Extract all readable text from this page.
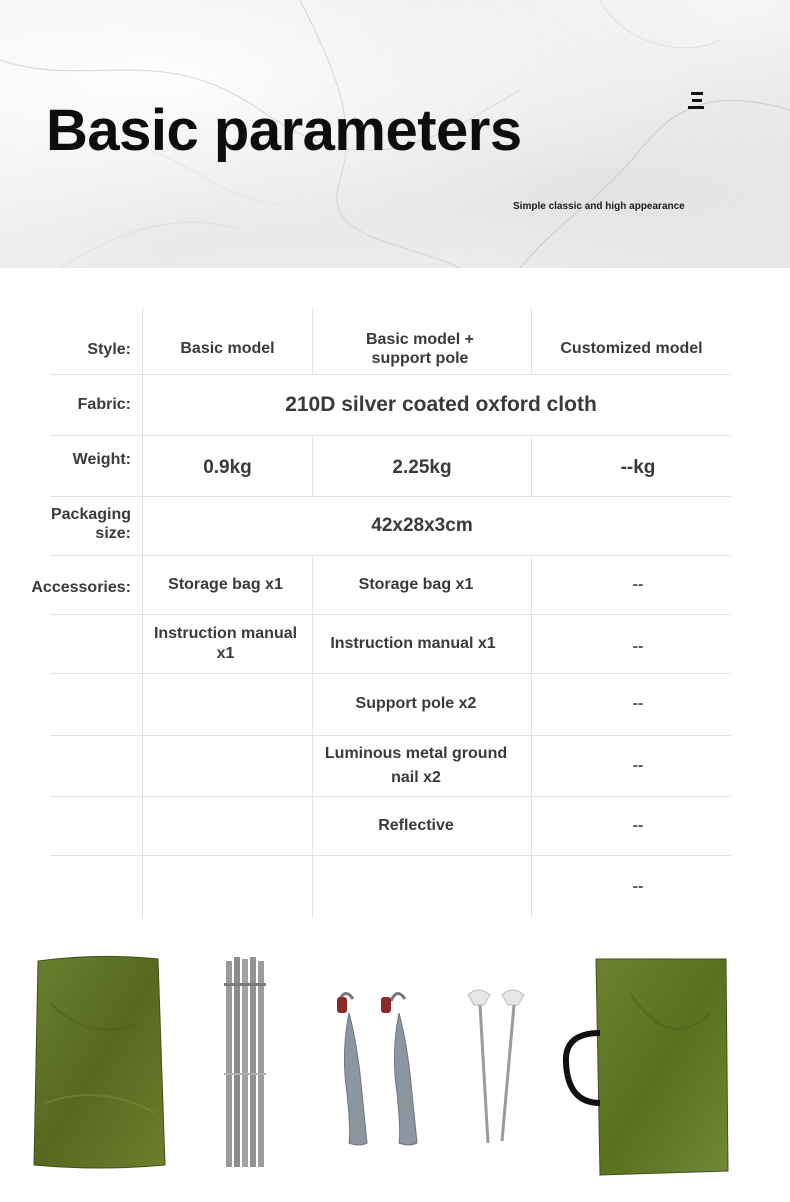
Basic parameters
Simple classic and high appearance
Style:
Fabric:
Weight:
Packaging size:
Accessories:
Basic model
Basic model + support pole
Customized model
210D silver coated oxford cloth
0.9kg	2.25kg	--kg
42x28x3cm
Storage bag x1
Instruction manual x1
Storage bag x1
Instruction manual x1
Support pole x2
Luminous metal ground nail x2
Reflective
--
--
--
--
--
--
